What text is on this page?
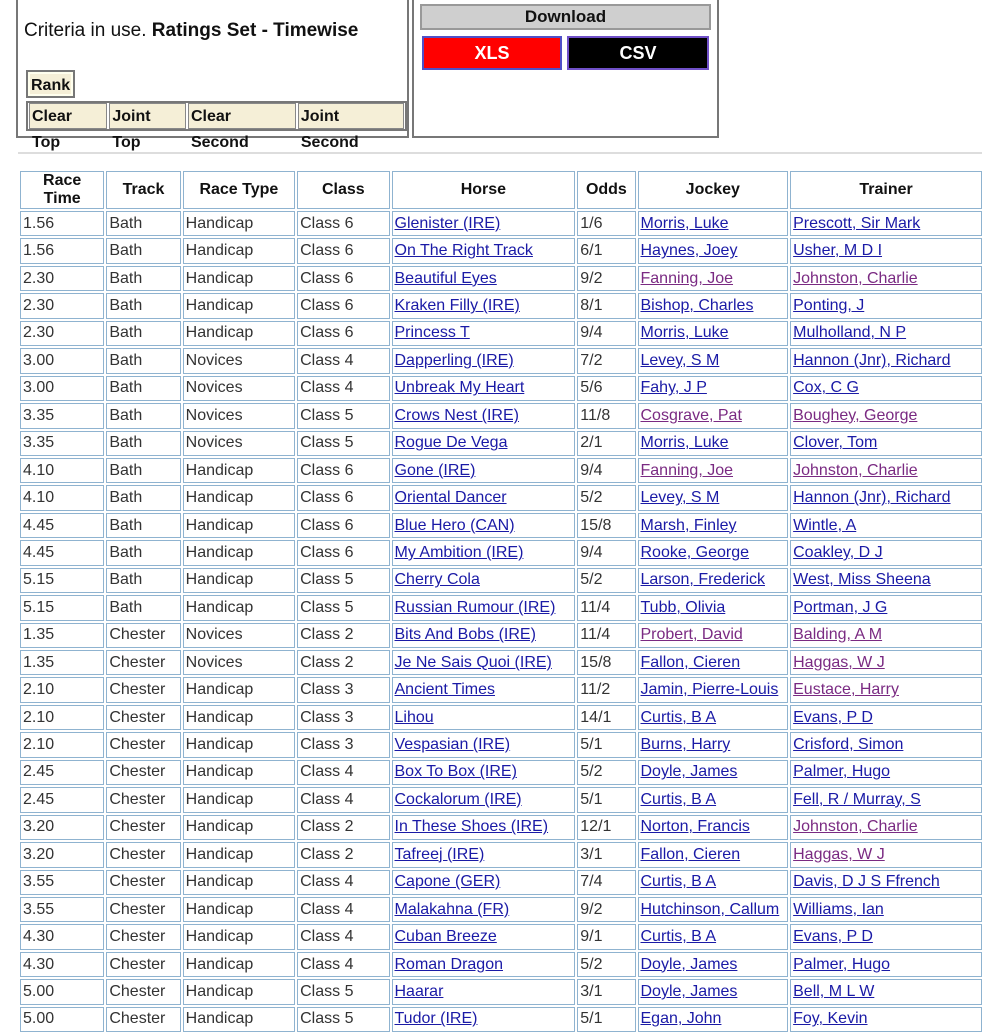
Criteria in use. Ratings Set - Timewise
Rank
Clear Top
Joint Top
Clear Second
Joint Second
Download
XLS	CSV
Race Time	Track	Race Type	Class	Horse	Odds	Jockey	Trainer
1.56	Bath	Handicap	Class 6	Glenister (IRE)	1/6	Morris, Luke	Prescott, Sir Mark
1.56	Bath	Handicap	Class 6	On The Right Track	6/1	Haynes, Joey	Usher, M D I
2.30	Bath	Handicap	Class 6	Beautiful Eyes	9/2	Fanning, Joe	Johnston, Charlie
2.30	Bath	Handicap	Class 6	Kraken Filly (IRE)	8/1	Bishop, Charles	Ponting, J
2.30	Bath	Handicap	Class 6	Princess T	9/4	Morris, Luke	Mulholland, N P
3.00	Bath	Novices	Class 4	Dapperling (IRE)	7/2	Levey, S M	Hannon (Jnr), Richard
3.00	Bath	Novices	Class 4	Unbreak My Heart	5/6	Fahy, J P	Cox, C G
3.35	Bath	Novices	Class 5	Crows Nest (IRE)	11/8	Cosgrave, Pat	Boughey, George
3.35	Bath	Novices	Class 5	Rogue De Vega	2/1	Morris, Luke	Clover, Tom
4.10	Bath	Handicap	Class 6	Gone (IRE)	9/4	Fanning, Joe	Johnston, Charlie
4.10	Bath	Handicap	Class 6	Oriental Dancer	5/2	Levey, S M	Hannon (Jnr), Richard
4.45	Bath	Handicap	Class 6	Blue Hero (CAN)	15/8	Marsh, Finley	Wintle, A
4.45	Bath	Handicap	Class 6	My Ambition (IRE)	9/4	Rooke, George	Coakley, D J
5.15	Bath	Handicap	Class 5	Cherry Cola	5/2	Larson, Frederick	West, Miss Sheena
5.15	Bath	Handicap	Class 5	Russian Rumour (IRE)	11/4	Tubb, Olivia	Portman, J G
1.35	Chester	Novices	Class 2	Bits And Bobs (IRE)	11/4	Probert, David	Balding, A M
1.35	Chester	Novices	Class 2	Je Ne Sais Quoi (IRE)	15/8	Fallon, Cieren	Haggas, W J
2.10	Chester	Handicap	Class 3	Ancient Times	11/2	Jamin, Pierre-Louis	Eustace, Harry
2.10	Chester	Handicap	Class 3	Lihou	14/1	Curtis, B A	Evans, P D
2.10	Chester	Handicap	Class 3	Vespasian (IRE)	5/1	Burns, Harry	Crisford, Simon
2.45	Chester	Handicap	Class 4	Box To Box (IRE)	5/2	Doyle, James	Palmer, Hugo
2.45	Chester	Handicap	Class 4	Cockalorum (IRE)	5/1	Curtis, B A	Fell, R / Murray, S
3.20	Chester	Handicap	Class 2	In These Shoes (IRE)	12/1	Norton, Francis	Johnston, Charlie
3.20	Chester	Handicap	Class 2	Tafreej (IRE)	3/1	Fallon, Cieren	Haggas, W J
3.55	Chester	Handicap	Class 4	Capone (GER)	7/4	Curtis, B A	Davis, D J S Ffrench
3.55	Chester	Handicap	Class 4	Malakahna (FR)	9/2	Hutchinson, Callum	Williams, Ian
4.30	Chester	Handicap	Class 4	Cuban Breeze	9/1	Curtis, B A	Evans, P D
4.30	Chester	Handicap	Class 4	Roman Dragon	5/2	Doyle, James	Palmer, Hugo
5.00	Chester	Handicap	Class 5	Haarar	3/1	Doyle, James	Bell, M L W
5.00	Chester	Handicap	Class 5	Tudor (IRE)	5/1	Egan, John	Foy, Kevin
